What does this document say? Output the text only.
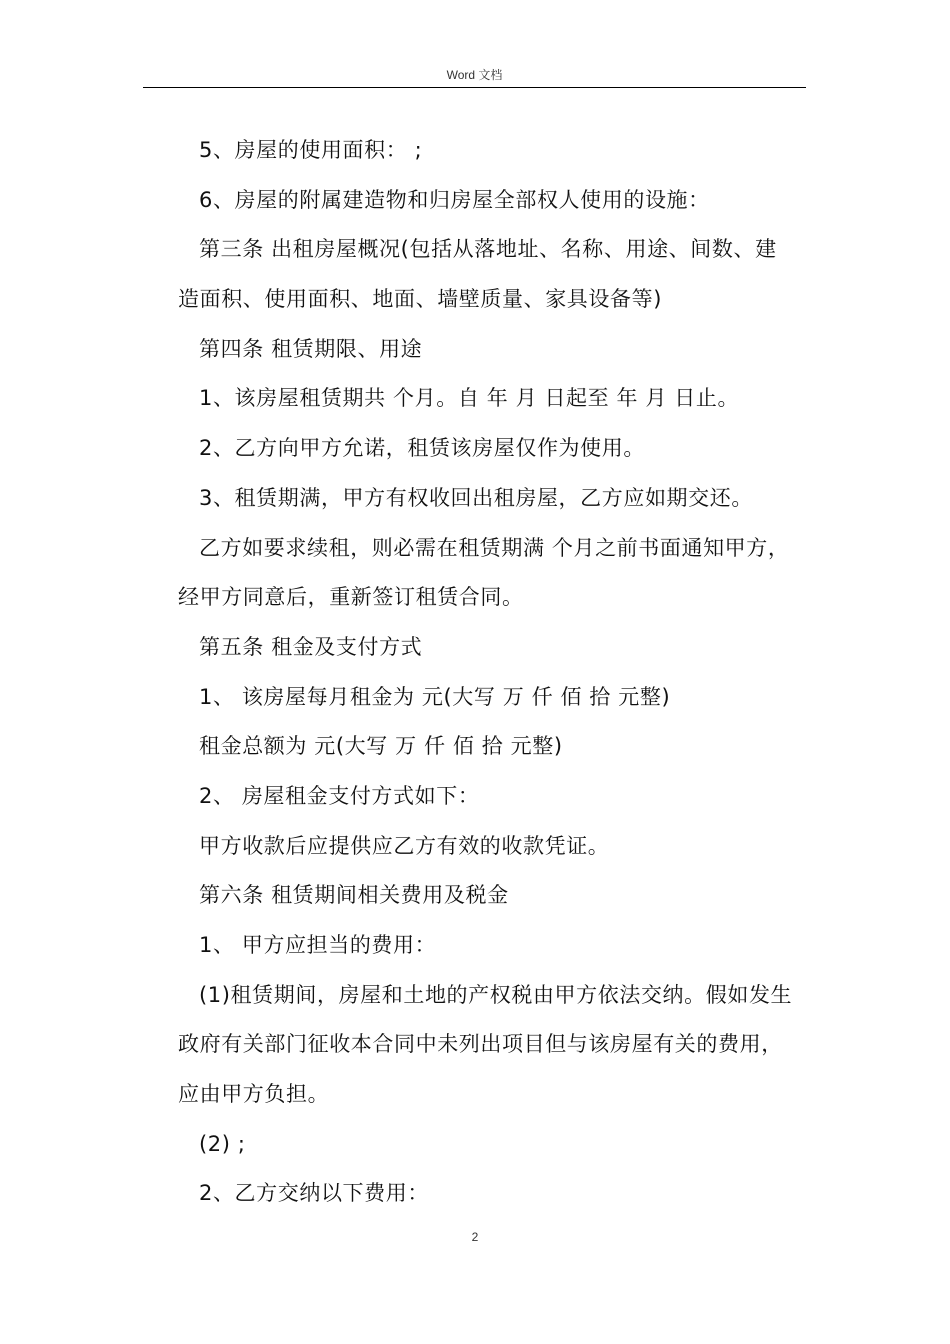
Word 文档
5、房屋的使用面积： ;
6、房屋的附属建造物和归房屋全部权人使用的设施：
第三条 出租房屋概况(包括从落地址、名称、用途、间数、建
造面积、使用面积、地面、墙壁质量、家具设备等)
第四条 租赁期限、用途
1、该房屋租赁期共 个月。自 年 月 日起至 年 月 日止。
2、乙方向甲方允诺，租赁该房屋仅作为使用。
3、租赁期满，甲方有权收回出租房屋，乙方应如期交还。
乙方如要求续租，则必需在租赁期满 个月之前书面通知甲方，
经甲方同意后，重新签订租赁合同。
第五条 租金及支付方式
1、 该房屋每月租金为 元(大写 万 仟 佰 拾 元整)
租金总额为 元(大写 万 仟 佰 拾 元整)
2、 房屋租金支付方式如下：
甲方收款后应提供应乙方有效的收款凭证。
第六条 租赁期间相关费用及税金
1、 甲方应担当的费用：
(1)租赁期间，房屋和土地的产权税由甲方依法交纳。假如发生
政府有关部门征收本合同中未列出项目但与该房屋有关的费用，
应由甲方负担。
(2) ;
2、乙方交纳以下费用：
2
